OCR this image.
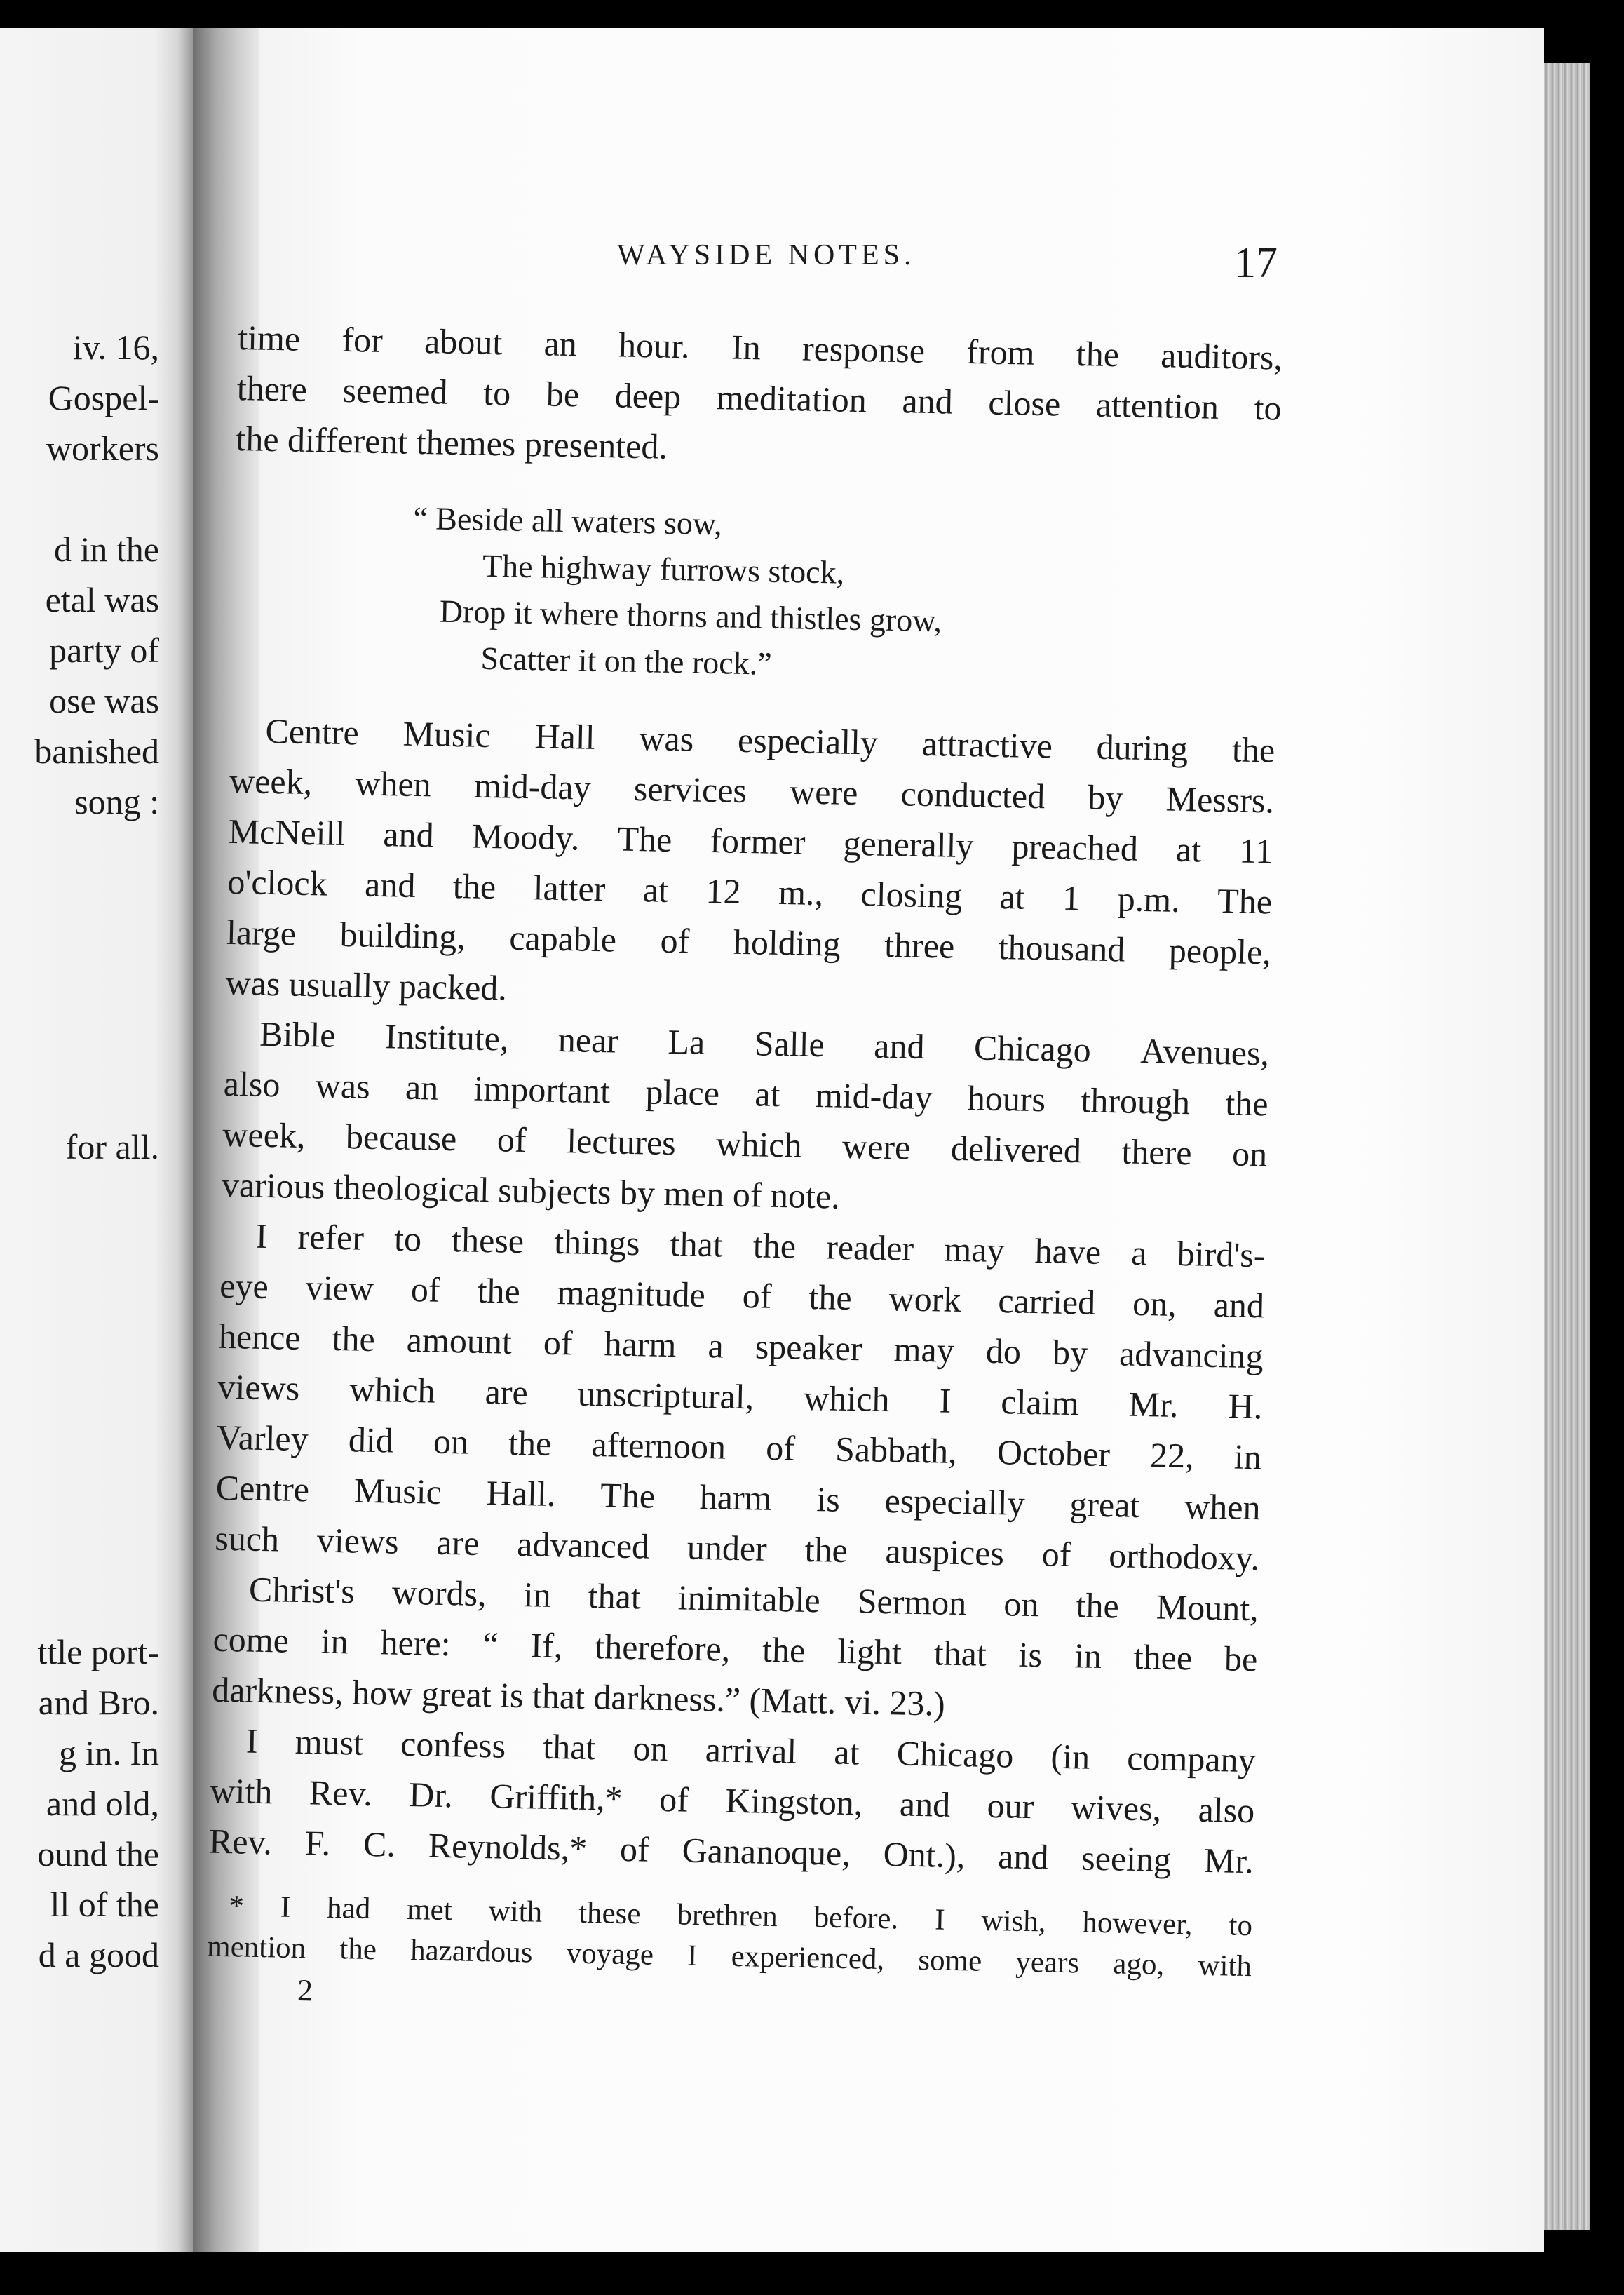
iv. 16,
Gospel-
workers
d in the
etal was
party of
ose was
banished
song :
for all.
ttle port-
and Bro.
g in. In
and old,
ound the
ll of the
d a good
WAYSIDE NOTES.	17
time for about an hour. In response from the auditors,
there seemed to be deep meditation and close attention to
the different themes presented.
“ Beside all waters sow,
The highway furrows stock,
Drop it where thorns and thistles grow,
Scatter it on the rock.”
Centre Music Hall was especially attractive during the
week, when mid-day services were conducted by Messrs.
McNeill and Moody. The former generally preached at 11
o'clock and the latter at 12 m., closing at 1 p.m. The
large building, capable of holding three thousand people,
was usually packed.
Bible Institute, near La Salle and Chicago Avenues,
also was an important place at mid-day hours through the
week, because of lectures which were delivered there on
various theological subjects by men of note.
I refer to these things that the reader may have a bird's-
eye view of the magnitude of the work carried on, and
hence the amount of harm a speaker may do by advancing
views which are unscriptural, which I claim Mr. H.
Varley did on the afternoon of Sabbath, October 22, in
Centre Music Hall. The harm is especially great when
such views are advanced under the auspices of orthodoxy.
Christ's words, in that inimitable Sermon on the Mount,
come in here: “ If, therefore, the light that is in thee be
darkness, how great is that darkness.” (Matt. vi. 23.)
I must confess that on arrival at Chicago (in company
with Rev. Dr. Griffith,* of Kingston, and our wives, also
Rev. F. C. Reynolds,* of Gananoque, Ont.), and seeing Mr.
* I had met with these brethren before. I wish, however, to
mention the hazardous voyage I experienced, some years ago, with
2
